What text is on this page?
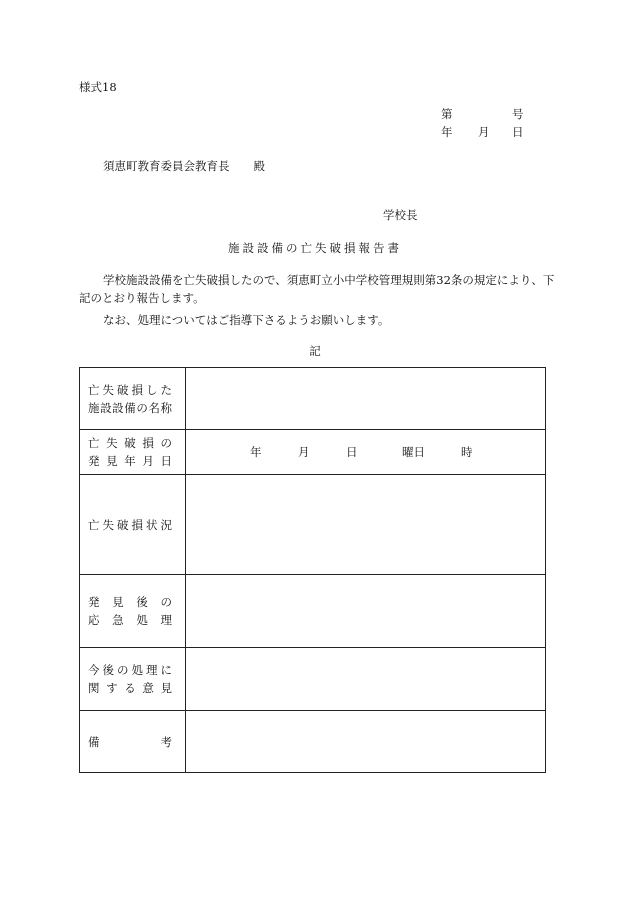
様式18
第	号
年 月 日
須恵町教育委員会教育長 殿
学校長
施設設備の亡失破損報告書
学校施設設備を亡失破損したので、須恵町立小中学校管理規則第32条の規定により、下記のとおり報告します。
なお、処理についてはご指導下さるようお願いします。
記
亡失破損した
施設設備の名称	

亡失破損の
発見年月日	年 月 日 曜日 時

亡失破損状況	

発見後の
応急処理	

今後の処理に
関する意見	

備考	
